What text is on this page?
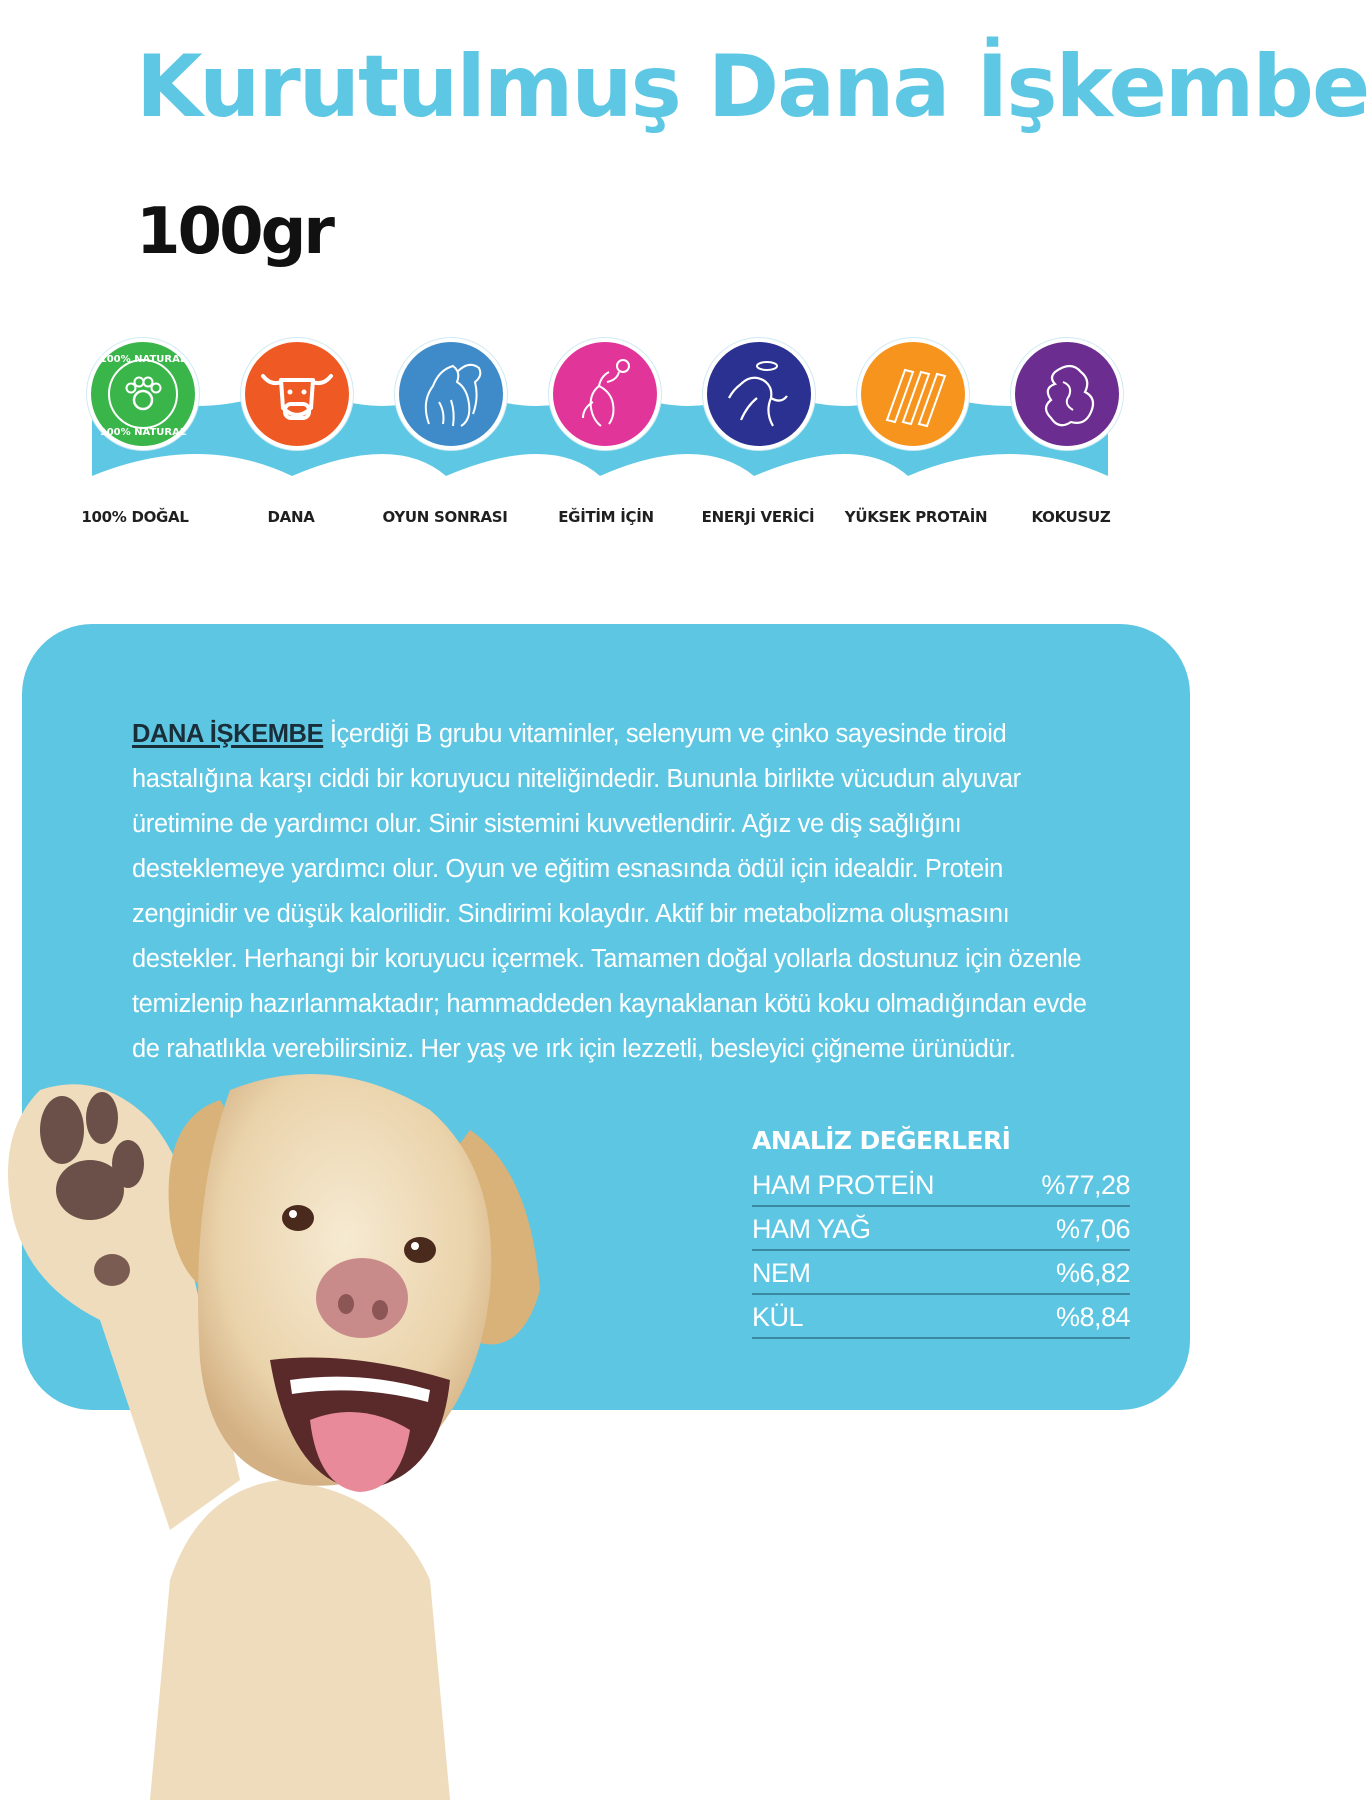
Kurutulmuş Dana İşkembe
100gr
100% NATURAL
100% NATURAL
100% DOĞAL	DANA	OYUN SONRASI	EĞİTİM İÇİN	ENERJİ VERİCİ	YÜKSEK PROTAİN	KOKUSUZ

DANA İŞKEMBE İçerdiği B grubu vitaminler, selenyum ve çinko sayesinde tiroid hastalığına karşı ciddi bir koruyucu niteliğindedir. Bununla birlikte vücudun alyuvar üretimine de yardımcı olur. Sinir sistemini kuvvetlendirir. Ağız ve diş sağlığını desteklemeye yardımcı olur. Oyun ve eğitim esnasında ödül için idealdir. Protein zenginidir ve düşük kalorilidir. Sindirimi kolaydır. Aktif bir metabolizma oluşmasını destekler. Herhangi bir koruyucu içermek. Tamamen doğal yollarla dostunuz için özenle temizlenip hazırlanmaktadır; hammaddeden kaynaklanan kötü koku olmadığından evde de rahatlıkla verebilirsiniz. Her yaş ve ırk için lezzetli, besleyici çiğneme ürünüdür.

ANALİZ DEĞERLERİ
HAM PROTEİN	%77,28
HAM YAĞ	%7,06
NEM	%6,82
KÜL	%8,84
